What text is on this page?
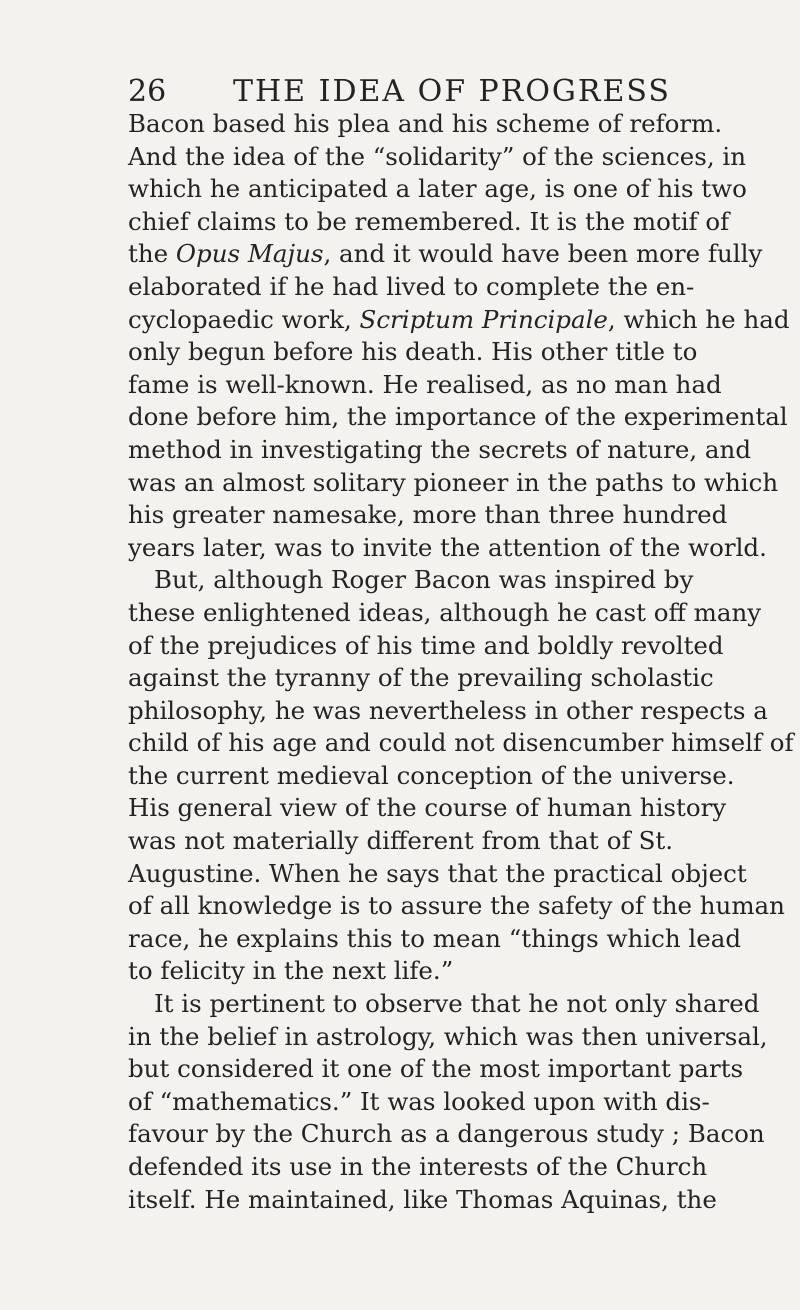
26 THE IDEA OF PROGRESS
Bacon based his plea and his scheme of reform.
And the idea of the “solidarity” of the sciences, in
which he anticipated a later age, is one of his two
chief claims to be remembered. It is the motif of
the Opus Majus, and it would have been more fully
elaborated if he had lived to complete the en-
cyclopaedic work, Scriptum Principale, which he had
only begun before his death. His other title to
fame is well-known. He realised, as no man had
done before him, the importance of the experimental
method in investigating the secrets of nature, and
was an almost solitary pioneer in the paths to which
his greater namesake, more than three hundred
years later, was to invite the attention of the world.
But, although Roger Bacon was inspired by
these enlightened ideas, although he cast off many
of the prejudices of his time and boldly revolted
against the tyranny of the prevailing scholastic
philosophy, he was nevertheless in other respects a
child of his age and could not disencumber himself of
the current medieval conception of the universe.
His general view of the course of human history
was not materially different from that of St.
Augustine. When he says that the practical object
of all knowledge is to assure the safety of the human
race, he explains this to mean “things which lead
to felicity in the next life.”
It is pertinent to observe that he not only shared
in the belief in astrology, which was then universal,
but considered it one of the most important parts
of “mathematics.” It was looked upon with dis-
favour by the Church as a dangerous study ; Bacon
defended its use in the interests of the Church
itself. He maintained, like Thomas Aquinas, the
